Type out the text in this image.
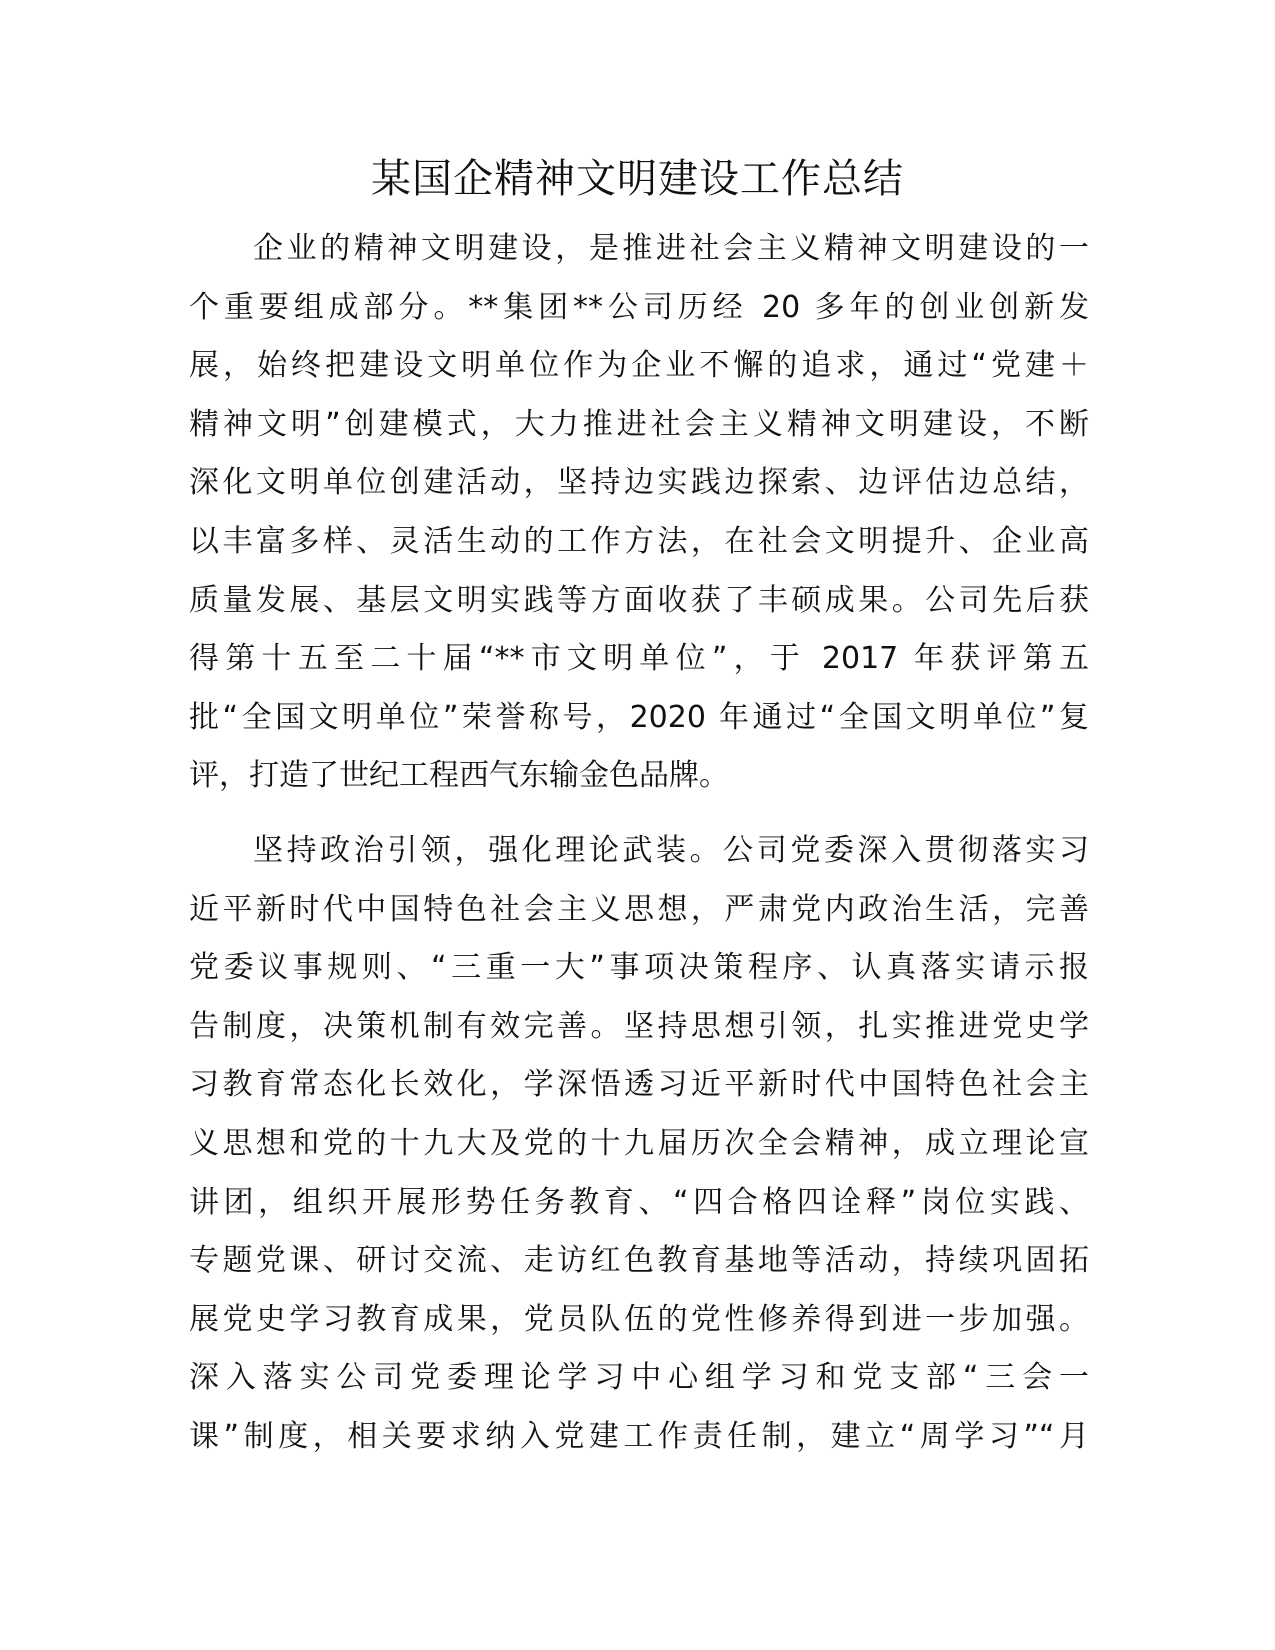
某国企精神文明建设工作总结
企业的精神文明建设，是推进社会主义精神文明建设的一
个重要组成部分。**集团**公司历经 20 多年的创业创新发
展，始终把建设文明单位作为企业不懈的追求，通过“党建＋
精神文明”创建模式，大力推进社会主义精神文明建设，不断
深化文明单位创建活动，坚持边实践边探索、边评估边总结，
以丰富多样、灵活生动的工作方法，在社会文明提升、企业高
质量发展、基层文明实践等方面收获了丰硕成果。公司先后获
得第十五至二十届“**市文明单位”，于 2017 年获评第五
批“全国文明单位”荣誉称号，2020 年通过“全国文明单位”复
评，打造了世纪工程西气东输金色品牌。
坚持政治引领，强化理论武装。公司党委深入贯彻落实习
近平新时代中国特色社会主义思想，严肃党内政治生活，完善
党委议事规则、“三重一大”事项决策程序、认真落实请示报
告制度，决策机制有效完善。坚持思想引领，扎实推进党史学
习教育常态化长效化，学深悟透习近平新时代中国特色社会主
义思想和党的十九大及党的十九届历次全会精神，成立理论宣
讲团，组织开展形势任务教育、“四合格四诠释”岗位实践、
专题党课、研讨交流、走访红色教育基地等活动，持续巩固拓
展党史学习教育成果，党员队伍的党性修养得到进一步加强。
深入落实公司党委理论学习中心组学习和党支部“三会一
课”制度，相关要求纳入党建工作责任制，建立“周学习”“月
